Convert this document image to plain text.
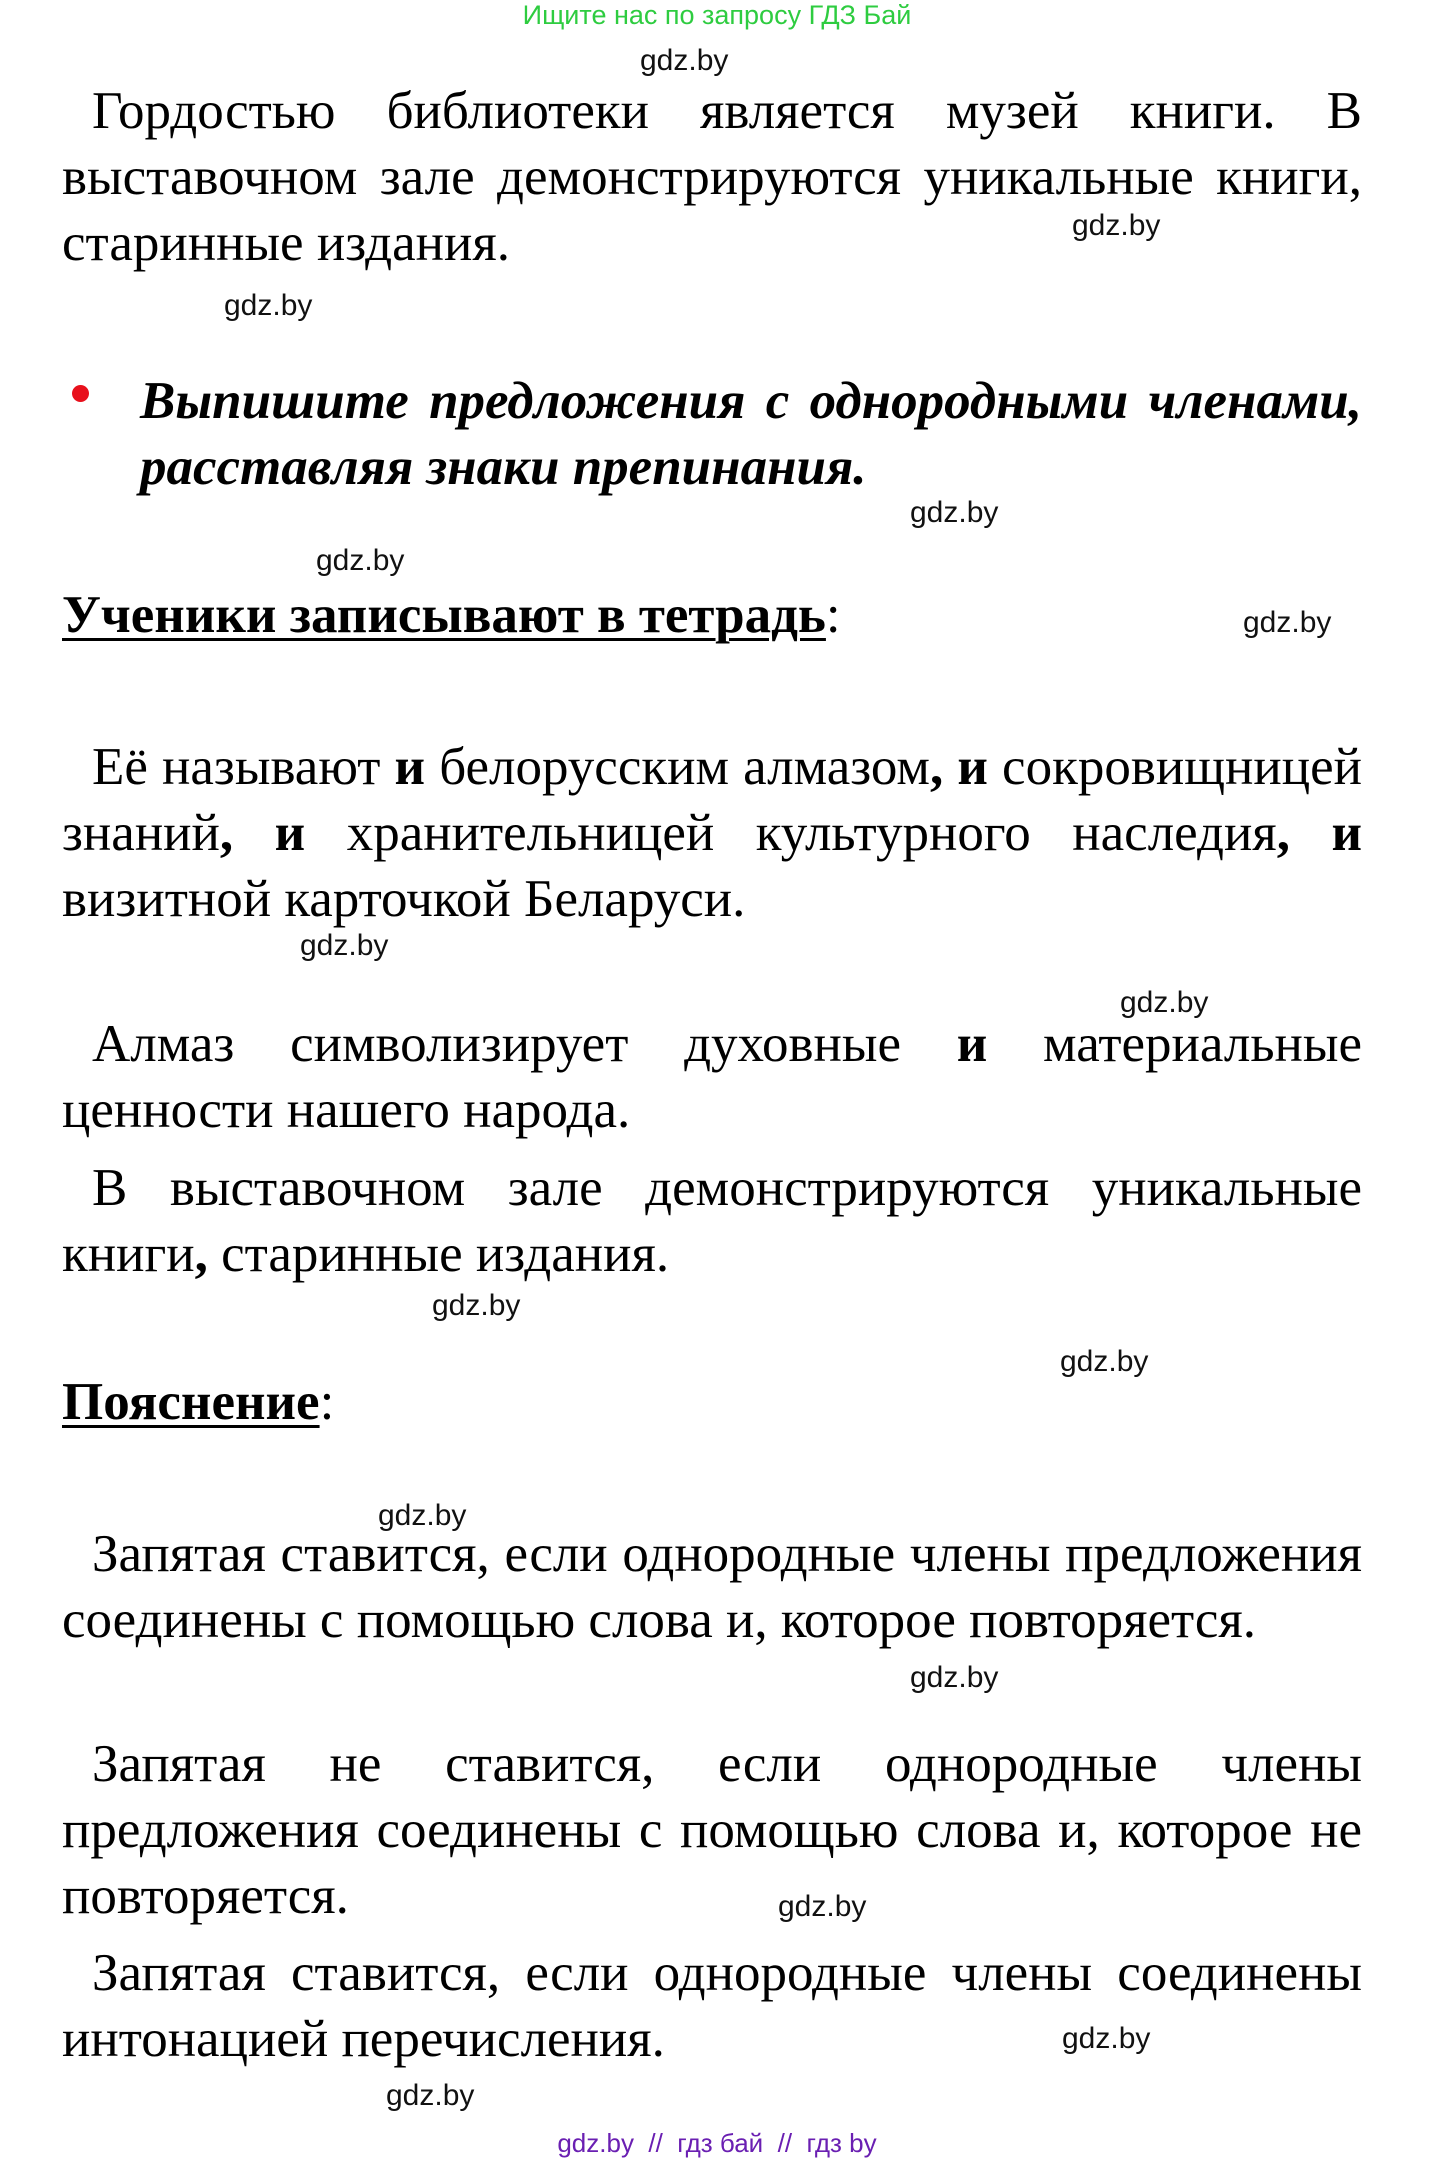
Ищите нас по запросу ГДЗ Бай
gdz.by
gdz.by
gdz.by
gdz.by
gdz.by
gdz.by
gdz.by
gdz.by
gdz.by
gdz.by
gdz.by
gdz.by
gdz.by
gdz.by
gdz.by
Гордостью библиотеки является музей книги. В выставочном зале демонстрируются уникальные книги, старинные издания.
Выпишите предложения с однородными членами, расставляя знаки препинания.
Ученики записывают в тетрадь:
Её называют и белорусским алмазом, и сокровищницей знаний, и хранительницей культурного наследия, и визитной карточкой Беларуси.
Алмаз символизирует духовные и материальные ценности нашего народа.
В выставочном зале демонстрируются уникальные книги, старинные издания.
Пояснение:
Запятая ставится, если однородные члены предложения соединены с помощью слова и, которое повторяется.
Запятая не ставится, если однородные члены предложения соединены с помощью слова и, которое не повторяется.
Запятая ставится, если однородные члены соединены интонацией перечисления.
gdz.by  //  гдз бай  //  гдз by
